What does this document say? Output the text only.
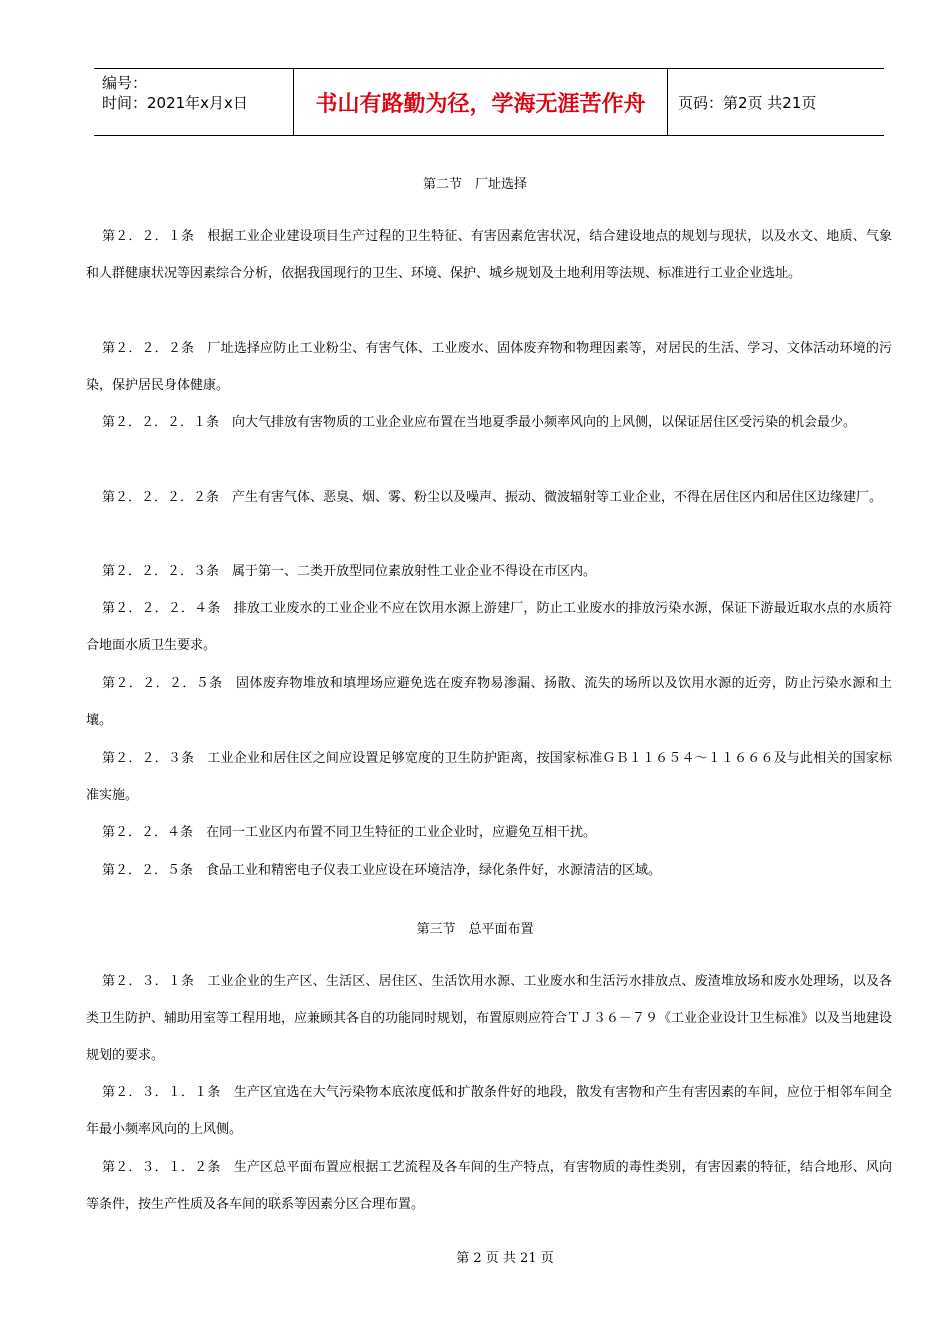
编号：
时间：2021年x月x日	书山有路勤为径，学海无涯苦作舟 页码：第2页 共21页
第二节　厂址选择
第２．２．１条　根据工业企业建设项目生产过程的卫生特征、有害因素危害状况，结合建设地点的规划与现状，以及水文、地质、气象和人群健康状况等因素综合分析，依据我国现行的卫生、环境、保护、城乡规划及土地利用等法规、标准进行工业企业选址。
第２．２．２条　厂址选择应防止工业粉尘、有害气体、工业废水、固体废弃物和物理因素等，对居民的生活、学习、文体活动环境的污染，保护居民身体健康。
第２．２．２．１条　向大气排放有害物质的工业企业应布置在当地夏季最小频率风向的上风侧，以保证居住区受污染的机会最少。
第２．２．２．２条　产生有害气体、恶臭、烟、雾、粉尘以及噪声、振动、微波辐射等工业企业，不得在居住区内和居住区边缘建厂。
第２．２．２．３条　属于第一、二类开放型同位素放射性工业企业不得设在市区内。
第２．２．２．４条　排放工业废水的工业企业不应在饮用水源上游建厂，防止工业废水的排放污染水源，保证下游最近取水点的水质符合地面水质卫生要求。
第２．２．２．５条　固体废弃物堆放和填埋场应避免选在废弃物易渗漏、扬散、流失的场所以及饮用水源的近旁，防止污染水源和土壤。
第２．２．３条　工业企业和居住区之间应设置足够宽度的卫生防护距离，按国家标准ＧＢ１１６５４～１１６６６及与此相关的国家标准实施。
第２．２．４条　在同一工业区内布置不同卫生特征的工业企业时，应避免互相干扰。
第２．２．５条　食品工业和精密电子仪表工业应设在环境洁净，绿化条件好，水源清洁的区域。
第三节　总平面布置
第２．３．１条　工业企业的生产区、生活区、居住区、生活饮用水源、工业废水和生活污水排放点、废渣堆放场和废水处理场，以及各类卫生防护、辅助用室等工程用地，应兼顾其各自的功能同时规划，布置原则应符合ＴＪ３６－７９《工业企业设计卫生标准》以及当地建设规划的要求。
第２．３．１．１条　生产区宜选在大气污染物本底浓度低和扩散条件好的地段，散发有害物和产生有害因素的车间，应位于相邻车间全年最小频率风向的上风侧。
第２．３．１．２条　生产区总平面布置应根据工艺流程及各车间的生产特点，有害物质的毒性类别，有害因素的特征，结合地形、风向等条件，按生产性质及各车间的联系等因素分区合理布置。
第 2 页 共 21 页
